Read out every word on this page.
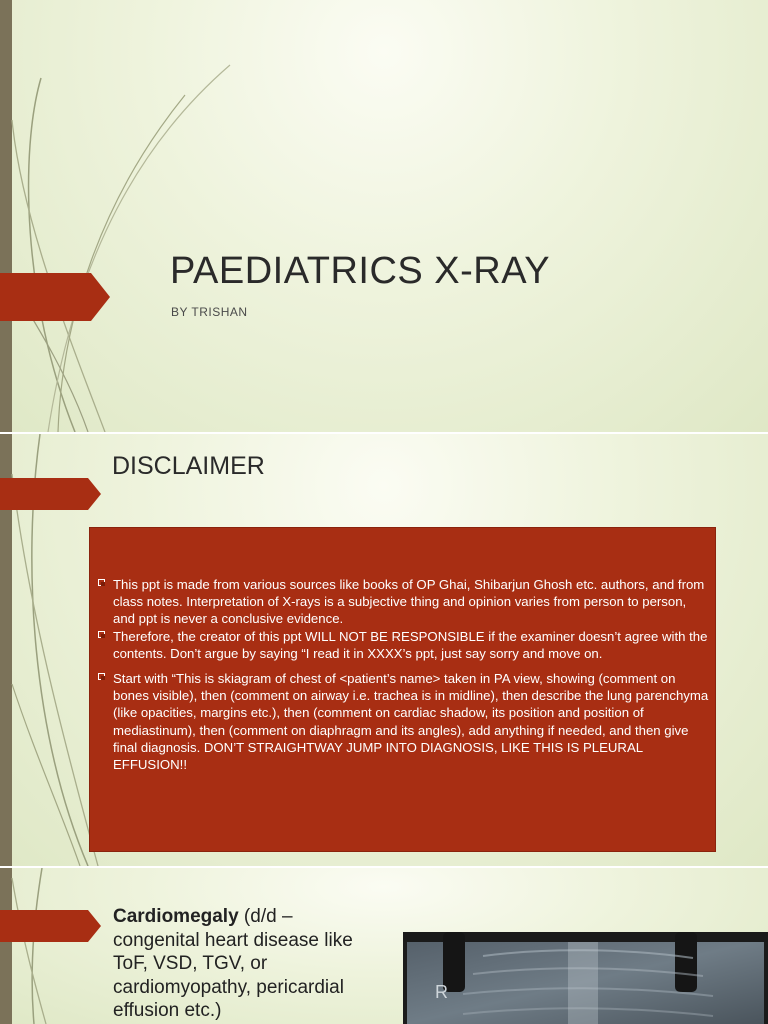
PAEDIATRICS X-RAY

BY TRISHAN

DISCLAIMER
This ppt is made from various sources like books of OP Ghai, Shibarjun Ghosh etc. authors, and from class notes. Interpretation of X-rays is a subjective thing and opinion varies from person to person, and ppt is never a conclusive evidence.
Therefore, the creator of this ppt WILL NOT BE RESPONSIBLE if the examiner doesn’t agree with the contents. Don’t argue by saying “I read it in XXXX’s ppt, just say sorry and move on.
Start with “This is skiagram of chest of <patient’s name> taken in PA view, showing (comment on bones visible), then (comment on airway i.e. trachea is in midline), then describe the lung parenchyma (like opacities, margins etc.), then (comment on cardiac shadow, its position and position of mediastinum), then (comment on diaphragm and its angles), add anything if needed, and then give final diagnosis. DON’T STRAIGHTWAY JUMP INTO DIAGNOSIS, LIKE THIS IS PLEURAL EFFUSION!!

Cardiomegaly (d/d – congenital heart disease like ToF, VSD, TGV, or cardiomyopathy, pericardial effusion etc.)

R
